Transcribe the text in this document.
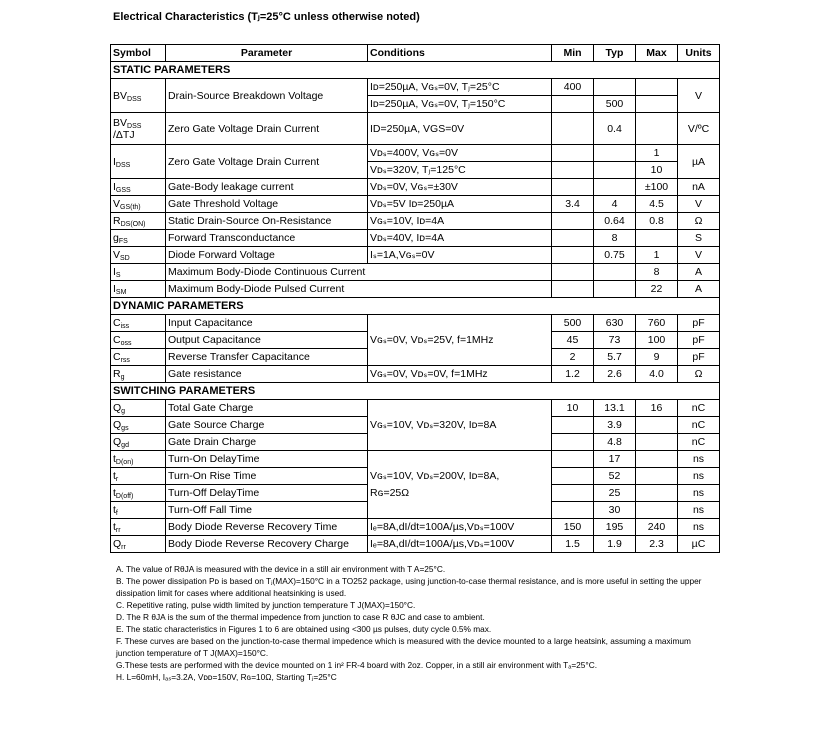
Electrical Characteristics (Tⱼ=25°C unless otherwise noted)
Symbol	Parameter	Conditions	Min	Typ	Max	Units
STATIC PARAMETERS						
$BV_{DSS}$	Drain-Source Breakdown Voltage	Iᴅ=250µA, Vɢₛ=0V, Tⱼ=25°C	400			V
		Iᴅ=250µA, Vɢₛ=0V, Tⱼ=150°C		500		
$BV_{DSS}$
/ΔTJ	Zero Gate Voltage Drain Current	ID=250µA, VGS=0V		0.4		V/ºC
$I_{DSS}$	Zero Gate Voltage Drain Current	Vᴅₛ=400V, Vɢₛ=0V			1	µA
		Vᴅₛ=320V, Tⱼ=125°C			10	
$I_{GSS}$	Gate-Body leakage current	Vᴅₛ=0V, Vɢₛ=±30V			±100	nA
$V_{GS(th)}$	Gate Threshold Voltage	Vᴅₛ=5V Iᴅ=250µA	3.4	4	4.5	V
$R_{DS(ON)}$	Static Drain-Source On-Resistance	Vɢₛ=10V, Iᴅ=4A		0.64	0.8	Ω
$g_{FS}$	Forward Transconductance	Vᴅₛ=40V, Iᴅ=4A		8		S
$V_{SD}$	Diode Forward Voltage	Iₛ=1A,Vɢₛ=0V		0.75	1	V
$I_S$	Maximum Body-Diode Continuous Current				8	A
$I_{SM}$	Maximum Body-Diode Pulsed Current				22	A
DYNAMIC PARAMETERS						
$C_{iss}$	Input Capacitance	Vɢₛ=0V, Vᴅₛ=25V, f=1MHz	500	630	760	pF
$C_{oss}$	Output Capacitance		45	73	100	pF
$C_{rss}$	Reverse Transfer Capacitance		2	5.7	9	pF
$R_g$	Gate resistance	Vɢₛ=0V, Vᴅₛ=0V, f=1MHz	1.2	2.6	4.0	Ω
SWITCHING PARAMETERS						
$Q_g$	Total Gate Charge	Vɢₛ=10V, Vᴅₛ=320V, Iᴅ=8A	10	13.1	16	nC
$Q_{gs}$	Gate Source Charge			3.9		nC
$Q_{gd}$	Gate Drain Charge			4.8		nC
$t_{D(on)}$	Turn-On DelayTime	Vɢₛ=10V, Vᴅₛ=200V, Iᴅ=8A,
Rɢ=25Ω		17		ns
$t_r$	Turn-On Rise Time			52		ns
$t_{D(off)}$	Turn-Off DelayTime			25		ns
$t_f$	Turn-Off Fall Time			30		ns
$t_{rr}$	Body Diode Reverse Recovery Time	Iₑ=8A,dI/dt=100A/µs,Vᴅₛ=100V	150	195	240	ns
$Q_{rr}$	Body Diode Reverse Recovery Charge	Iₑ=8A,dI/dt=100A/µs,Vᴅₛ=100V	1.5	1.9	2.3	µC

A. The value of RθJA is measured with the device in a still air environment with T A=25°C.

B. The power dissipation Pᴅ is based on Tⱼ(MAX)=150°C in a TO252 package, using junction-to-case thermal resistance, and is more useful in setting the upper dissipation limit for cases where additional heatsinking is used.

C. Repetitive rating, pulse width limited by junction temperature T J(MAX)=150°C.

D. The R θJA is the sum of the thermal impedence from junction to case R θJC and case to ambient.

E. The static characteristics in Figures 1 to 6 are obtained using <300 µs pulses, duty cycle 0.5% max.

F. These curves are based on the junction-to-case thermal impedence which is measured with the device mounted to a large heatsink, assuming a maximum junction temperature of T J(MAX)=150°C.

G.These tests are performed with the device mounted on 1 in² FR-4 board with 2oz. Copper, in a still air environment with Tₐ=25°C.

H. L=60mH, Iₐₛ=3.2A, Vᴅᴅ=150V, Rɢ=10Ω, Starting Tⱼ=25°C
